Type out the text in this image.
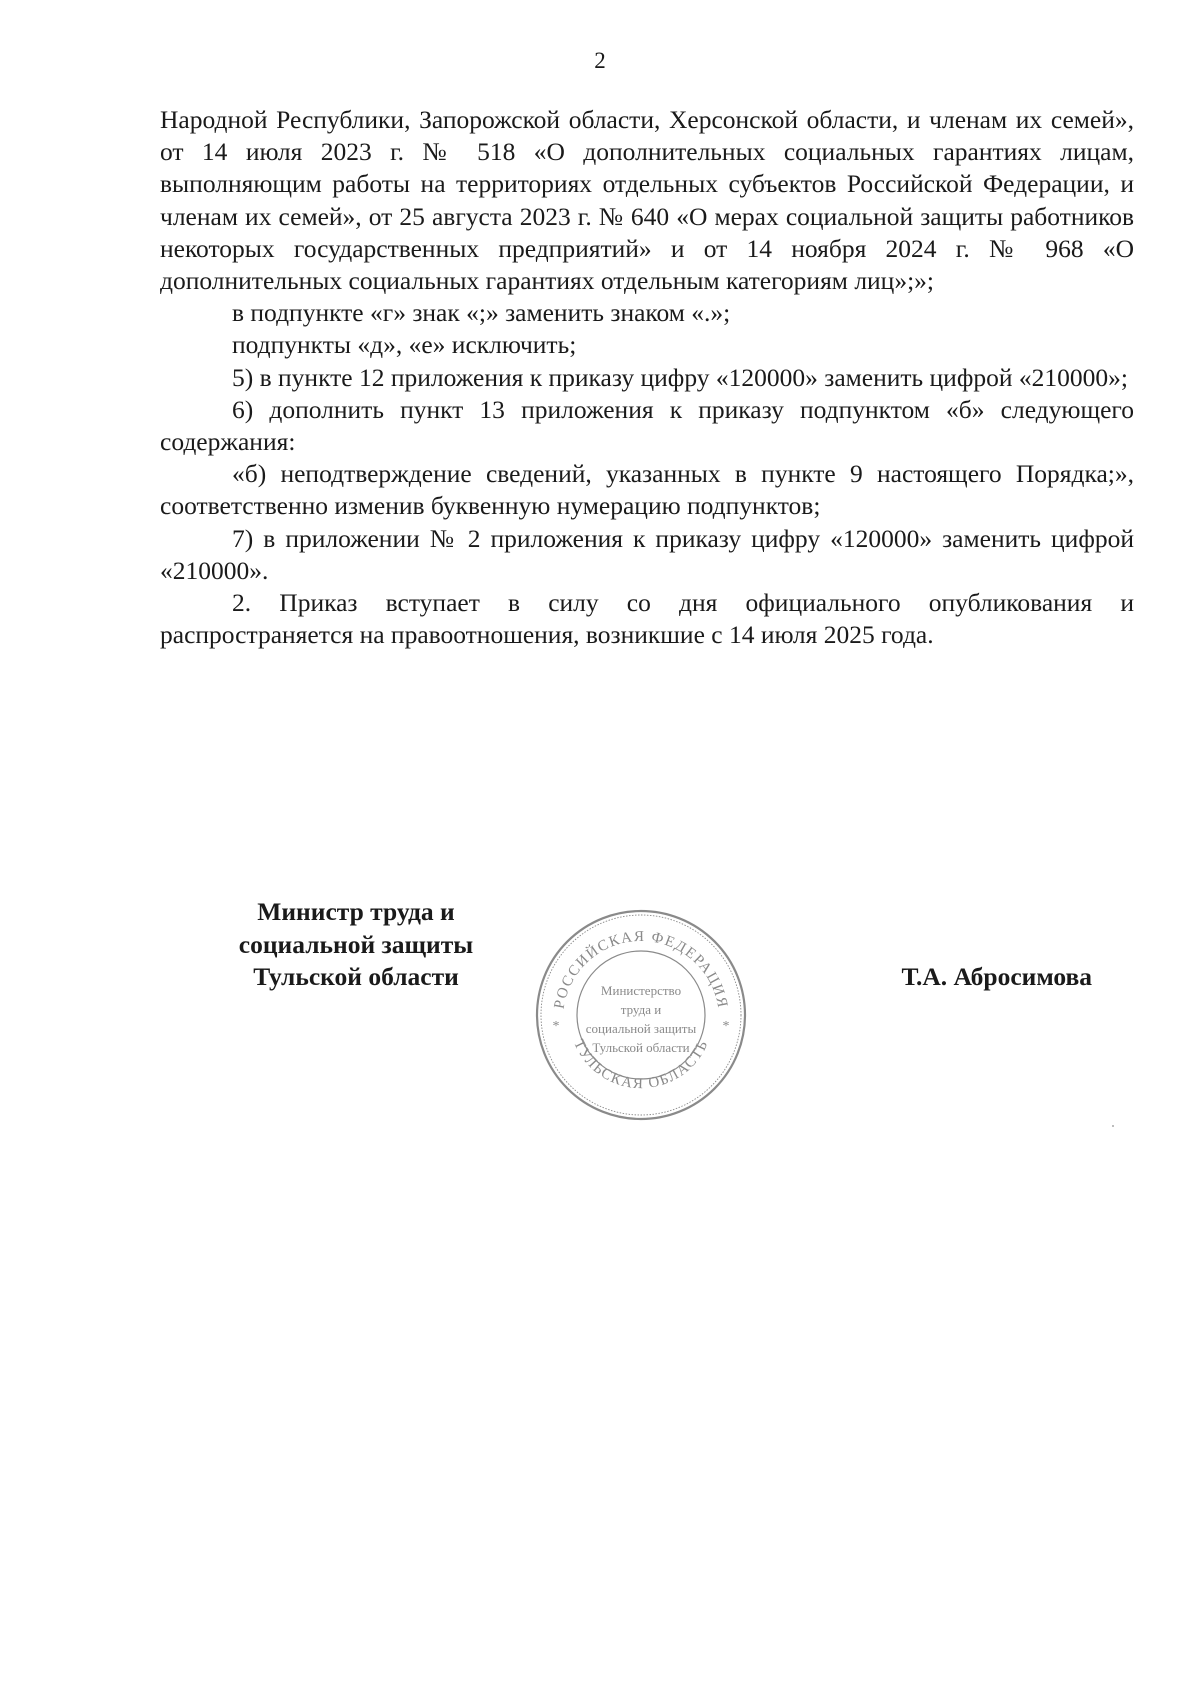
2

Народной Республики, Запорожской области, Херсонской области, и членам их семей», от 14 июля 2023 г. № 518 «О дополнительных социальных гарантиях лицам, выполняющим работы на территориях отдельных субъектов Российской Федерации, и членам их семей», от 25 августа 2023 г. № 640 «О мерах социальной защиты работников некоторых государственных предприятий» и от 14 ноября 2024 г. № 968 «О дополнительных социальных гарантиях отдельным категориям лиц»;»;

в подпункте «г» знак «;» заменить знаком «.»;

подпункты «д», «е» исключить;

5) в пункте 12 приложения к приказу цифру «120000» заменить цифрой «210000»;

6) дополнить пункт 13 приложения к приказу подпунктом «б» следующего содержания:

«б) неподтверждение сведений, указанных в пункте 9 настоящего Порядка;», соответственно изменив буквенную нумерацию подпунктов;

7) в приложении № 2 приложения к приказу цифру «120000» заменить цифрой «210000».

2. Приказ вступает в силу со дня официального опубликования и распространяется на правоотношения, возникшие с 14 июля 2025 года.

Министр труда и
социальной защиты
Тульской области
РОССИЙСКАЯ ФЕДЕРАЦИЯ
ТУЛЬСКАЯ ОБЛАСТЬ
*	*
Министерство
труда и
социальной защиты
Тульской области
Т.А. Абросимова
